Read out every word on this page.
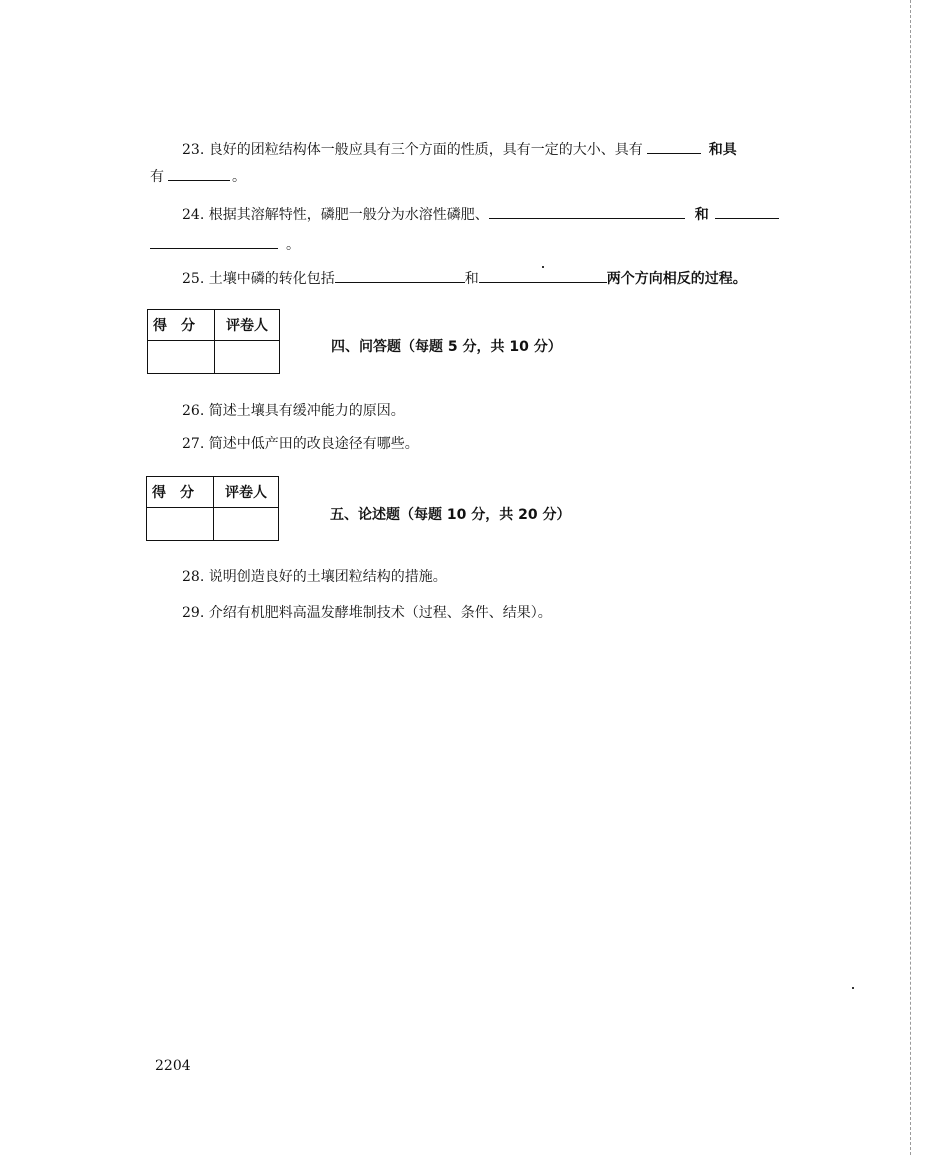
23. 良好的团粒结构体一般应具有三个方面的性质，具有一定的大小、具有	和具
有	。
24. 根据其溶解特性，磷肥一般分为水溶性磷肥、	和
。
25. 土壤中磷的转化包括	和	两个方向相反的过程。
得分	评卷人

四、问答题（每题 5 分，共 10 分）
26. 简述土壤具有缓冲能力的原因。
27. 简述中低产田的改良途径有哪些。
得分	评卷人

五、论述题（每题 10 分，共 20 分）
28. 说明创造良好的土壤团粒结构的措施。
29. 介绍有机肥料高温发酵堆制技术（过程、条件、结果）。
2204
